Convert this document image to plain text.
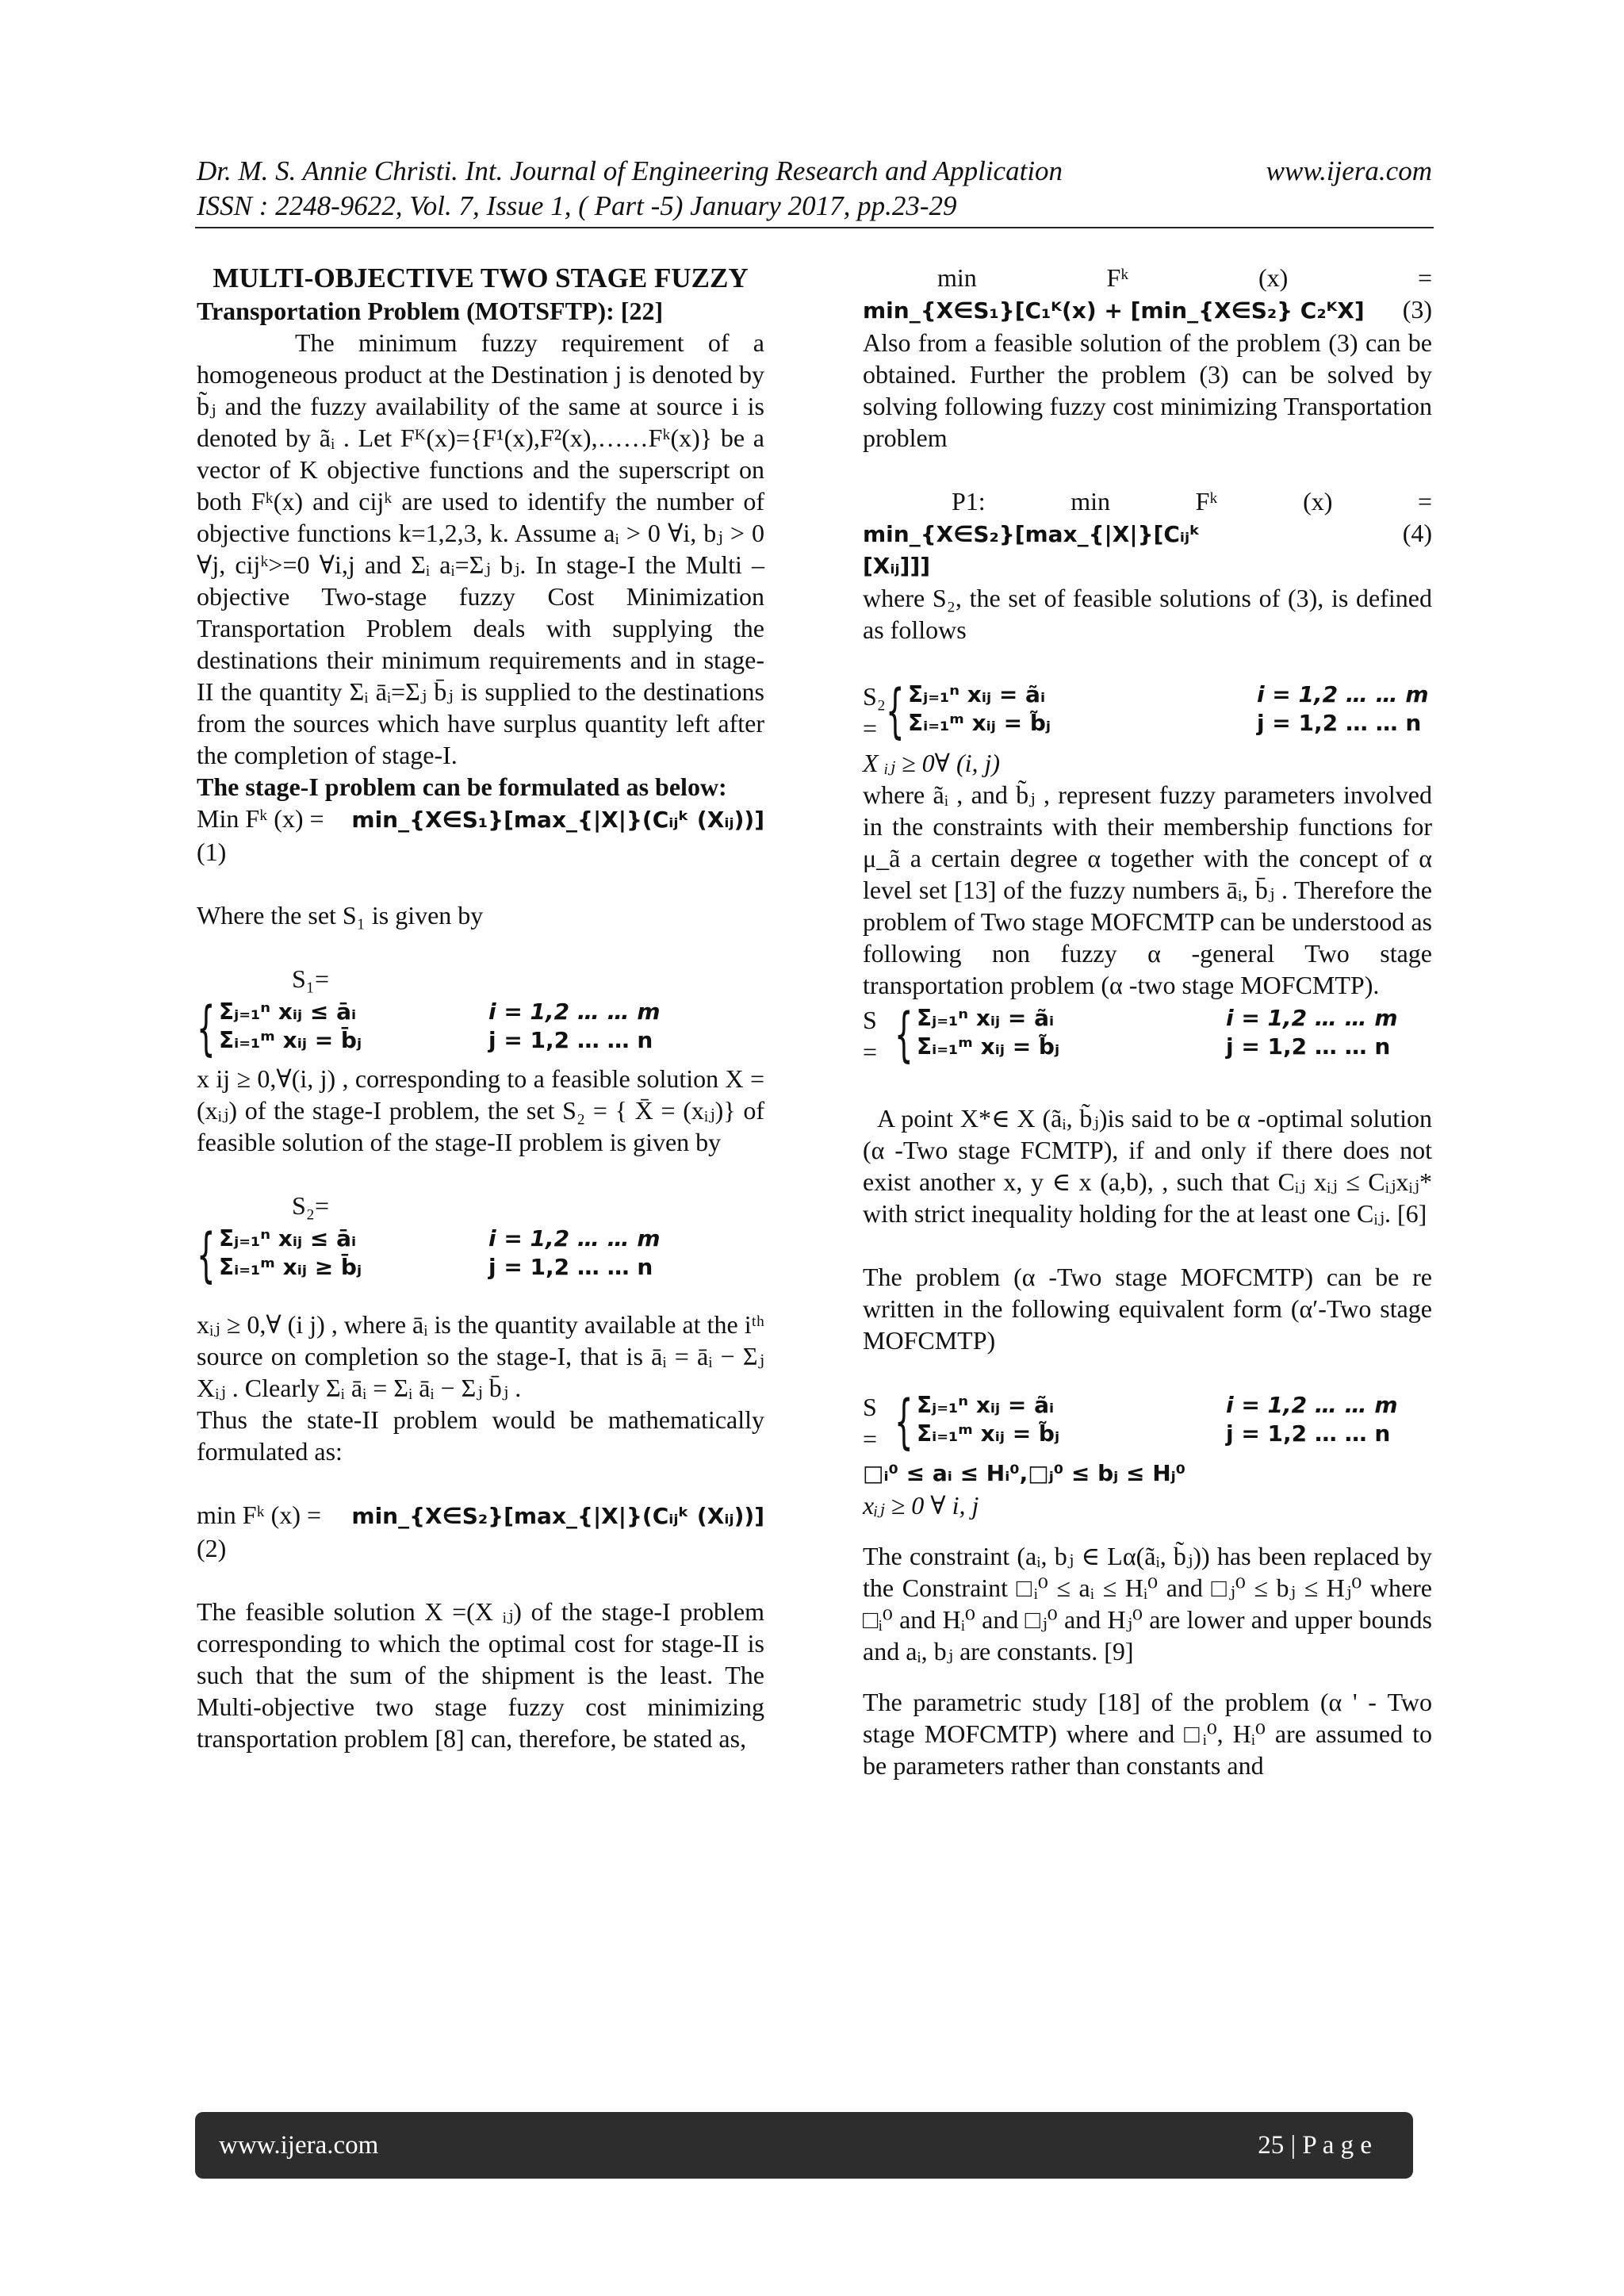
Dr. M. S. Annie Christi. Int. Journal of Engineering Research and Application	www.ijera.com
ISSN : 2248-9622, Vol. 7, Issue 1, ( Part -5) January 2017, pp.23-29
MULTI-OBJECTIVE TWO STAGE FUZZY
Transportation Problem (MOTSFTP): [22]

The minimum fuzzy requirement of a homogeneous product at the Destination j is denoted by b̃ⱼ and the fuzzy availability of the same at source i is denoted by ãᵢ . Let Fᴷ(x)={F¹(x),F²(x),……Fᵏ(x)} be a vector of K objective functions and the superscript on both Fᵏ(x) and cijᵏ are used to identify the number of objective functions k=1,2,3, k. Assume aᵢ > 0 ∀i, bⱼ > 0 ∀j, cijᵏ>=0 ∀i,j and Σᵢ aᵢ=Σⱼ bⱼ. In stage-I the Multi –objective Two-stage fuzzy Cost Minimization Transportation Problem deals with supplying the destinations their minimum requirements and in stage-II the quantity Σᵢ āᵢ=Σⱼ b̄ⱼ is supplied to the destinations from the sources which have surplus quantity left after the completion of stage-I.

The stage-I problem can be formulated as below:
Min Fᵏ (x) = min_{X∈S₁}[max_{|X|}(Cᵢⱼᵏ (Xᵢⱼ))]
(1)
Where the set S₁ is given by
S₁=
{ Σⱼ₌₁ⁿ xᵢⱼ ≤ āᵢ	i = 1,2 … … m
Σᵢ₌₁ᵐ xᵢⱼ = b̄ⱼ	j = 1,2 … … n

x ij ≥ 0,∀(i, j) , corresponding to a feasible solution X = (xᵢⱼ) of the stage-I problem, the set S₂ = { X̄ = (xᵢⱼ)} of feasible solution of the stage-II problem is given by

S₂=
{ Σⱼ₌₁ⁿ xᵢⱼ ≤ āᵢ	i = 1,2 … … m
Σᵢ₌₁ᵐ xᵢⱼ ≥ b̄ⱼ	j = 1,2 … … n

xᵢⱼ ≥ 0,∀ (i j) , where āᵢ is the quantity available at the iᵗʰ source on completion so the stage-I, that is āᵢ = āᵢ − Σⱼ Xᵢⱼ . Clearly Σᵢ āᵢ = Σᵢ āᵢ − Σⱼ b̄ⱼ .

Thus the state-II problem would be mathematically formulated as:

min Fᵏ (x) = min_{X∈S₂}[max_{|X|}(Cᵢⱼᵏ (Xᵢⱼ))]
(2)

The feasible solution X =(X ᵢⱼ) of the stage-I problem corresponding to which the optimal cost for stage-II is such that the sum of the shipment is the least. The Multi-objective two stage fuzzy cost minimizing transportation problem [8] can, therefore, be stated as,

min Fᵏ (x) =
min_{X∈S₁}[C₁ᴷ(x) + [min_{X∈S₂} C₂ᴷX] (3)

Also from a feasible solution of the problem (3) can be obtained. Further the problem (3) can be solved by solving following fuzzy cost minimizing Transportation problem

P1: min Fᵏ (x) =
min_{X∈S₂}[max_{|X|}[Cᵢⱼᵏ [Xᵢⱼ]]]
(4)

where S₂, the set of feasible solutions of (3), is defined as follows

S₂ = { Σⱼ₌₁ⁿ xᵢⱼ = ãᵢ	i = 1,2 … … m
Σᵢ₌₁ᵐ xᵢⱼ = b̃ⱼ	j = 1,2 … … n
X ᵢⱼ ≥ 0∀ (i, j)

where ãᵢ , and b̃ⱼ , represent fuzzy parameters involved in the constraints with their membership functions for μ_ã a certain degree α together with the concept of α level set [13] of the fuzzy numbers āᵢ, b̄ⱼ . Therefore the problem of Two stage MOFCMTP can be understood as following non fuzzy α -general Two stage transportation problem (α -two stage MOFCMTP).

S = { Σⱼ₌₁ⁿ xᵢⱼ = ãᵢ	i = 1,2 … … m
Σᵢ₌₁ᵐ xᵢⱼ = b̃ⱼ	j = 1,2 … … n

A point X*∈ X (ãᵢ, b̃ⱼ)is said to be α -optimal solution (α -Two stage FCMTP), if and only if there does not exist another x, y ∈ x (a,b), , such that Cᵢⱼ xᵢⱼ ≤ Cᵢⱼxᵢⱼ* with strict inequality holding for the at least one Cᵢⱼ. [6]

The problem (α -Two stage MOFCMTP) can be re written in the following equivalent form (α′-Two stage MOFCMTP)

S = { Σⱼ₌₁ⁿ xᵢⱼ = ãᵢ	i = 1,2 … … m
Σᵢ₌₁ᵐ xᵢⱼ = b̃ⱼ	j = 1,2 … … n
□ᵢ⁰ ≤ aᵢ ≤ Hᵢ⁰,□ⱼ⁰ ≤ bⱼ ≤ Hⱼ⁰
xᵢⱼ ≥ 0 ∀ i, j

The constraint (aᵢ, bⱼ ∈ Lα(ãᵢ, b̃ⱼ)) has been replaced by the Constraint □ᵢ⁰ ≤ aᵢ ≤ Hᵢ⁰ and □ⱼ⁰ ≤ bⱼ ≤ Hⱼ⁰ where □ᵢ⁰ and Hᵢ⁰ and □ⱼ⁰ and Hⱼ⁰ are lower and upper bounds and aᵢ, bⱼ are constants. [9]

The parametric study [18] of the problem (α ' - Two stage MOFCMTP) where and □ᵢ⁰, Hᵢ⁰ are assumed to be parameters rather than constants and

www.ijera.com	25 | P a g e
